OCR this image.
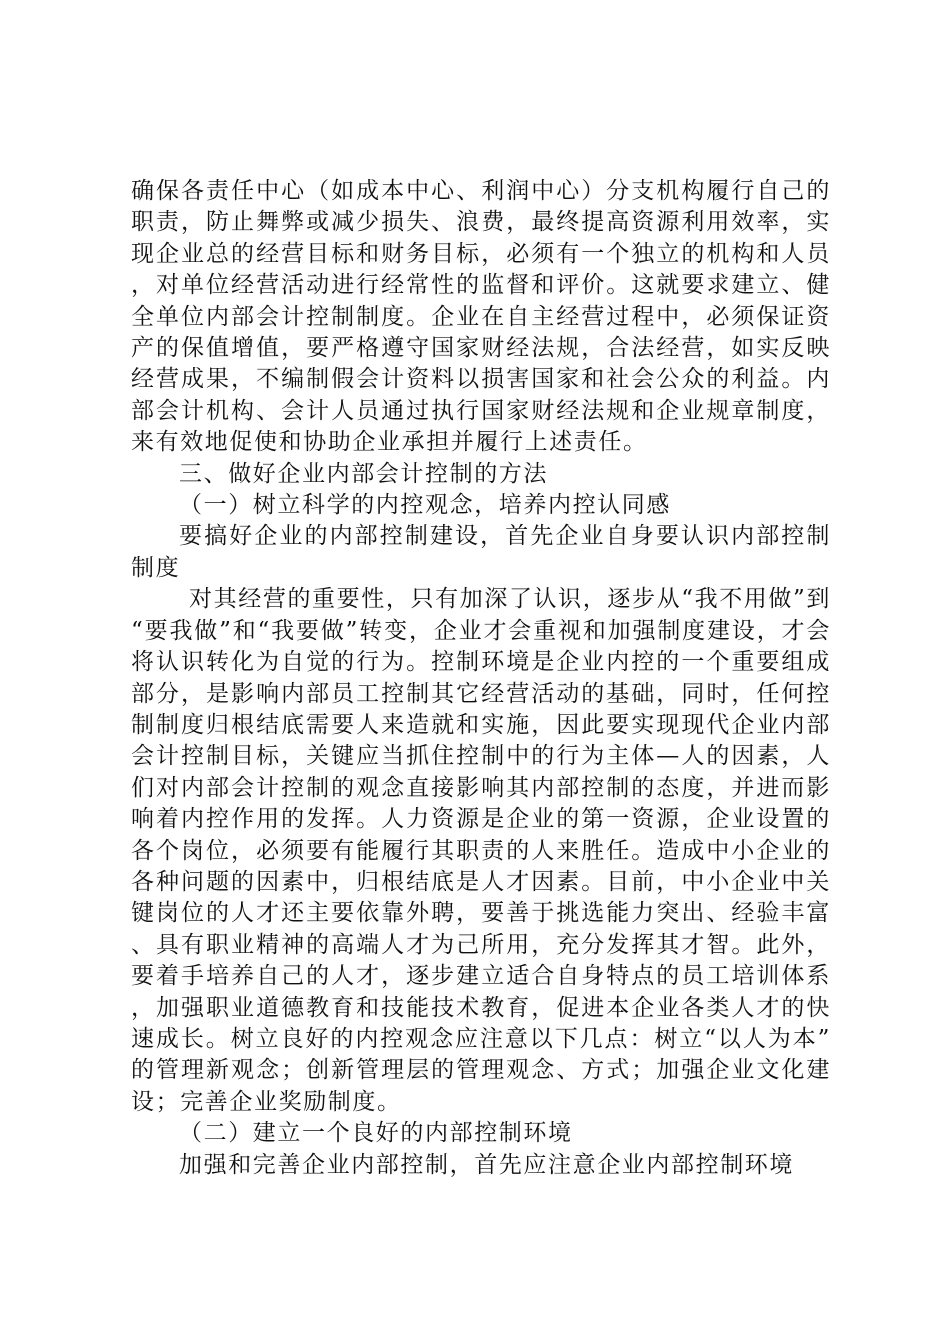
确保各责任中心（如成本中心、利润中心）分支机构履行自己的职责，防止舞弊或减少损失、浪费，最终提高资源利用效率，实现企业总的经营目标和财务目标，必须有一个独立的机构和人员，对单位经营活动进行经常性的监督和评价。这就要求建立、健全单位内部会计控制制度。企业在自主经营过程中，必须保证资产的保值增值，要严格遵守国家财经法规，合法经营，如实反映经营成果，不编制假会计资料以损害国家和社会公众的利益。内部会计机构、会计人员通过执行国家财经法规和企业规章制度，来有效地促使和协助企业承担并履行上述责任。

三、做好企业内部会计控制的方法

（一）树立科学的内控观念，培养内控认同感

要搞好企业的内部控制建设，首先企业自身要认识内部控制制度

对其经营的重要性，只有加深了认识，逐步从“我不用做”到“要我做”和“我要做”转变，企业才会重视和加强制度建设，才会将认识转化为自觉的行为。控制环境是企业内控的一个重要组成部分，是影响内部员工控制其它经营活动的基础，同时，任何控制制度归根结底需要人来造就和实施，因此要实现现代企业内部会计控制目标，关键应当抓住控制中的行为主体—人的因素，人们对内部会计控制的观念直接影响其内部控制的态度，并进而影响着内控作用的发挥。人力资源是企业的第一资源，企业设置的各个岗位，必须要有能履行其职责的人来胜任。造成中小企业的各种问题的因素中，归根结底是人才因素。目前，中小企业中关键岗位的人才还主要依靠外聘，要善于挑选能力突出、经验丰富、具有职业精神的高端人才为己所用，充分发挥其才智。此外，要着手培养自己的人才，逐步建立适合自身特点的员工培训体系，加强职业道德教育和技能技术教育，促进本企业各类人才的快速成长。树立良好的内控观念应注意以下几点：树立“以人为本”的管理新观念；创新管理层的管理观念、方式；加强企业文化建设；完善企业奖励制度。

（二）建立一个良好的内部控制环境

加强和完善企业内部控制，首先应注意企业内部控制环境
